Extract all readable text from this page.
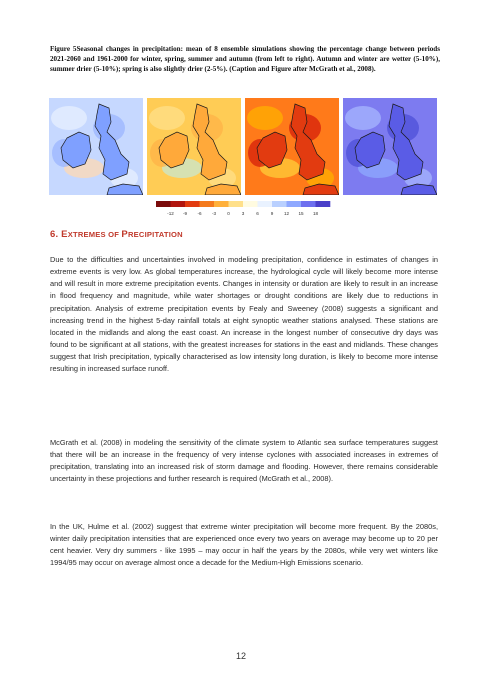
Figure 5Seasonal changes in precipitation: mean of 8 ensemble simulations showing the percentage change between periods 2021-2060 and 1961-2000 for winter, spring, summer and autumn (from left to right). Autumn and winter are wetter (5-10%), summer drier (5-10%); spring is also slightly drier (2-5%). (Caption and Figure after McGrath et al., 2008).
-12 -9 -6 -3 0	3	6	9 12 15 18
6. EXTREMES OF PRECIPITATION

Due to the difficulties and uncertainties involved in modeling precipitation, confidence in estimates of changes in extreme events is very low. As global temperatures increase, the hydrological cycle will likely become more intense and will result in more extreme precipitation events. Changes in intensity or duration are likely to result in an increase in flood frequency and magnitude, while water shortages or drought conditions are likely due to reductions in precipitation. Analysis of extreme precipitation events by Fealy and Sweeney (2008) suggests a significant and increasing trend in the highest 5-day rainfall totals at eight synoptic weather stations analysed. These stations are located in the midlands and along the east coast. An increase in the longest number of consecutive dry days was found to be significant at all stations, with the greatest increases for stations in the east and midlands. These changes suggest that Irish precipitation, typically characterised as low intensity long duration, is likely to become more intense resulting in increased surface runoff.

McGrath et al. (2008) in modeling the sensitivity of the climate system to Atlantic sea surface temperatures suggest that there will be an increase in the frequency of very intense cyclones with associated increases in extremes of precipitation, translating into an increased risk of storm damage and flooding. However, there remains considerable uncertainty in these projections and further research is required (McGrath et al., 2008).

In the UK, Hulme et al. (2002) suggest that extreme winter precipitation will become more frequent. By the 2080s, winter daily precipitation intensities that are experienced once every two years on average may become up to 20 per cent heavier. Very dry summers - like 1995 – may occur in half the years by the 2080s, while very wet winters like 1994/95 may occur on average almost once a decade for the Medium-High Emissions scenario.

12
